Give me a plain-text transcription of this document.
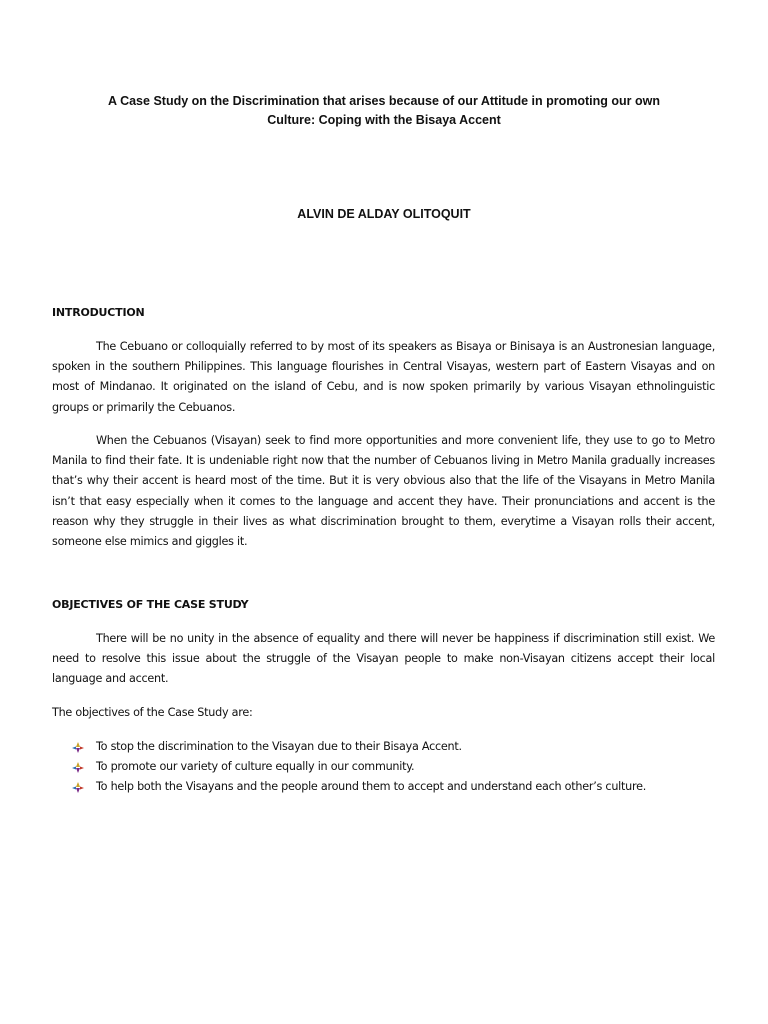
A Case Study on the Discrimination that arises because of our Attitude in promoting our own
Culture: Coping with the Bisaya Accent

ALVIN DE ALDAY OLITOQUIT

INTRODUCTION

The Cebuano or colloquially referred to by most of its speakers as Bisaya or Binisaya is an Austronesian language, spoken in the southern Philippines. This language flourishes in Central Visayas, western part of Eastern Visayas and on most of Mindanao. It originated on the island of Cebu, and is now spoken primarily by various Visayan ethnolinguistic groups or primarily the Cebuanos.

When the Cebuanos (Visayan) seek to find more opportunities and more convenient life, they use to go to Metro Manila to find their fate. It is undeniable right now that the number of Cebuanos living in Metro Manila gradually increases that’s why their accent is heard most of the time. But it is very obvious also that the life of the Visayans in Metro Manila isn’t that easy especially when it comes to the language and accent they have. Their pronunciations and accent is the reason why they struggle in their lives as what discrimination brought to them, everytime a Visayan rolls their accent, someone else mimics and giggles it.

OBJECTIVES OF THE CASE STUDY

There will be no unity in the absence of equality and there will never be happiness if discrimination still exist. We need to resolve this issue about the struggle of the Visayan people to make non-Visayan citizens accept their local language and accent.

The objectives of the Case Study are:

To stop the discrimination to the Visayan due to their Bisaya Accent.
To promote our variety of culture equally in our community.
To help both the Visayans and the people around them to accept and understand each other’s culture.
